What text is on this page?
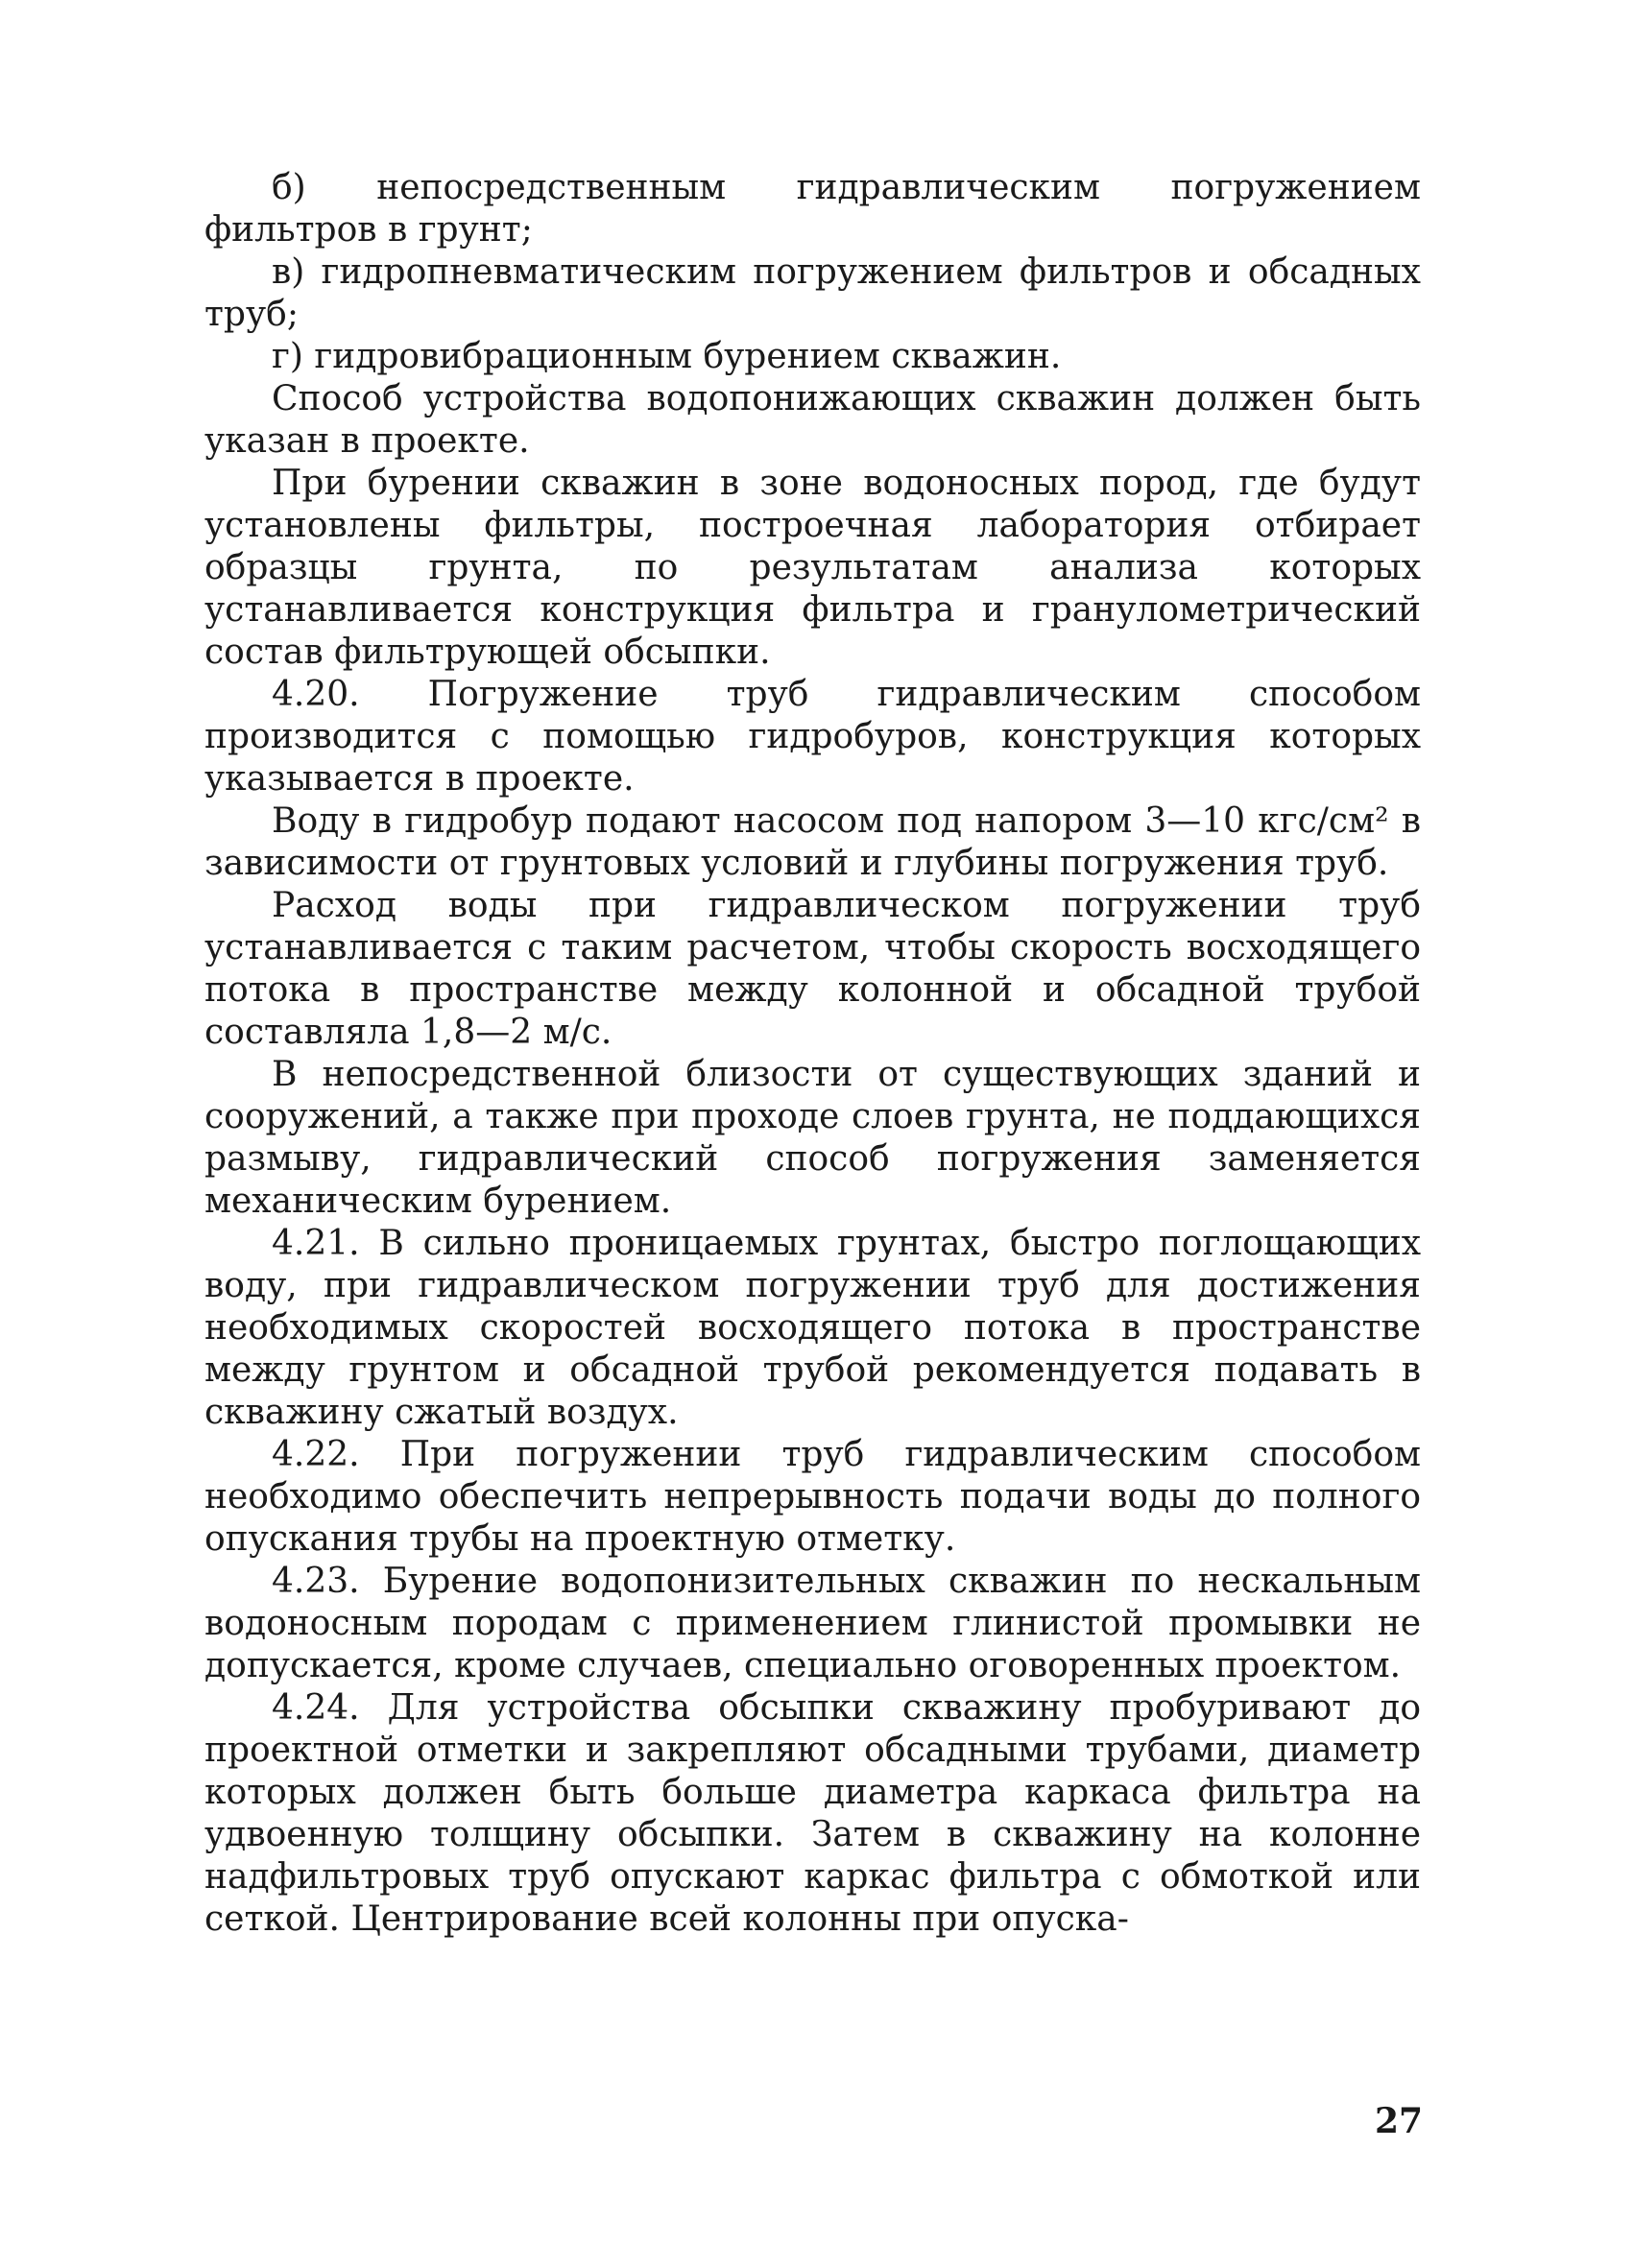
б) непосредственным гидравлическим погружением фильтров в грунт;

в) гидропневматическим погружением фильтров и обсадных труб;

г) гидровибрационным бурением скважин.

Способ устройства водопонижающих скважин должен быть указан в проекте.

При бурении скважин в зоне водоносных пород, где будут установлены фильтры, построечная лаборатория отбирает образцы грунта, по результатам анализа которых устанавливается конструкция фильтра и гранулометрический состав фильтрующей обсыпки.

4.20. Погружение труб гидравлическим способом производится с помощью гидробуров, конструкция которых указывается в проекте.

Воду в гидробур подают насосом под напором 3—10 кгс/см² в зависимости от грунтовых условий и глубины погружения труб.

Расход воды при гидравлическом погружении труб устанавливается с таким расчетом, чтобы скорость восходящего потока в пространстве между колонной и обсадной трубой составляла 1,8—2 м/с.

В непосредственной близости от существующих зданий и сооружений, а также при проходе слоев грунта, не поддающихся размыву, гидравлический способ погружения заменяется механическим бурением.

4.21. В сильно проницаемых грунтах, быстро поглощающих воду, при гидравлическом погружении труб для достижения необходимых скоростей восходящего потока в пространстве между грунтом и обсадной трубой рекомендуется подавать в скважину сжатый воздух.

4.22. При погружении труб гидравлическим способом необходимо обеспечить непрерывность подачи воды до полного опускания трубы на проектную отметку.

4.23. Бурение водопонизительных скважин по нескальным водоносным породам с применением глинистой промывки не допускается, кроме случаев, специально оговоренных проектом.

4.24. Для устройства обсыпки скважину пробуривают до проектной отметки и закрепляют обсадными трубами, диаметр которых должен быть больше диаметра каркаса фильтра на удвоенную толщину обсыпки. Затем в скважину на колонне надфильтровых труб опускают каркас фильтра с обмоткой или сеткой. Центрирование всей колонны при опуска-

27
